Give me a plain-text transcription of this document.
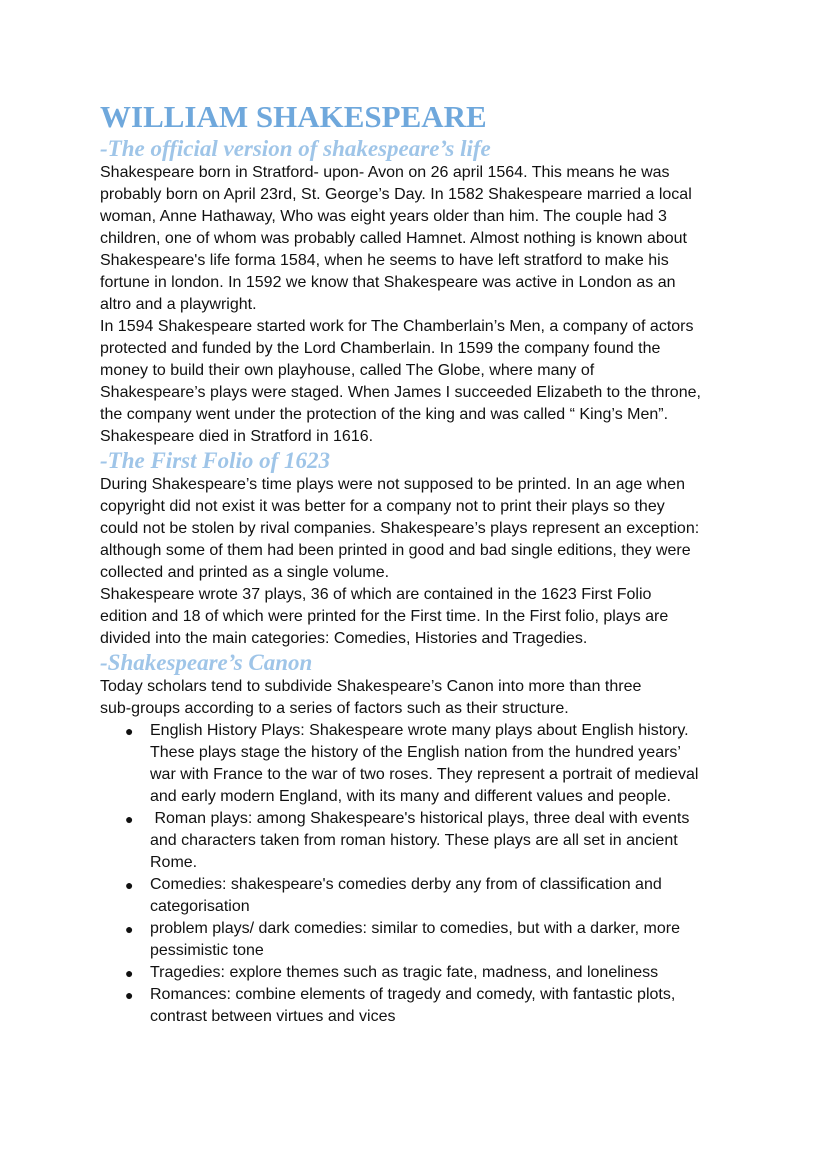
WILLIAM SHAKESPEARE
-The official version of shakespeare’s life
Shakespeare born in Stratford- upon- Avon on 26 april 1564. This means he was
probably born on April 23rd, St. George’s Day. In 1582 Shakespeare married a local
woman, Anne Hathaway, Who was eight years older than him. The couple had 3
children, one of whom was probably called Hamnet. Almost nothing is known about
Shakespeare's life forma 1584, when he seems to have left stratford to make his
fortune in london. In 1592 we know that Shakespeare was active in London as an
altro and a playwright.
In 1594 Shakespeare started work for The Chamberlain’s Men, a company of actors
protected and funded by the Lord Chamberlain. In 1599 the company found the
money to build their own playhouse, called The Globe, where many of
Shakespeare’s plays were staged. When James I succeeded Elizabeth to the throne,
the company went under the protection of the king and was called “ King’s Men”.
Shakespeare died in Stratford in 1616.
-The First Folio of 1623
During Shakespeare’s time plays were not supposed to be printed. In an age when
copyright did not exist it was better for a company not to print their plays so they
could not be stolen by rival companies. Shakespeare’s plays represent an exception:
although some of them had been printed in good and bad single editions, they were
collected and printed as a single volume.
Shakespeare wrote 37 plays, 36 of which are contained in the 1623 First Folio
edition and 18 of which were printed for the First time. In the First folio, plays are
divided into the main categories: Comedies, Histories and Tragedies.
-Shakespeare’s Canon
Today scholars tend to subdivide Shakespeare’s Canon into more than three
sub-groups according to a series of factors such as their structure.
● English History Plays: Shakespeare wrote many plays about English history.
These plays stage the history of the English nation from the hundred years’
war with France to the war of two roses. They represent a portrait of medieval
and early modern England, with its many and different values and people.
● Roman plays: among Shakespeare's historical plays, three deal with events
and characters taken from roman history. These plays are all set in ancient
Rome.
● Comedies: shakespeare's comedies derby any from of classification and
categorisation
● problem plays/ dark comedies: similar to comedies, but with a darker, more
pessimistic tone
● Tragedies: explore themes such as tragic fate, madness, and loneliness
● Romances: combine elements of tragedy and comedy, with fantastic plots,
contrast between virtues and vices
